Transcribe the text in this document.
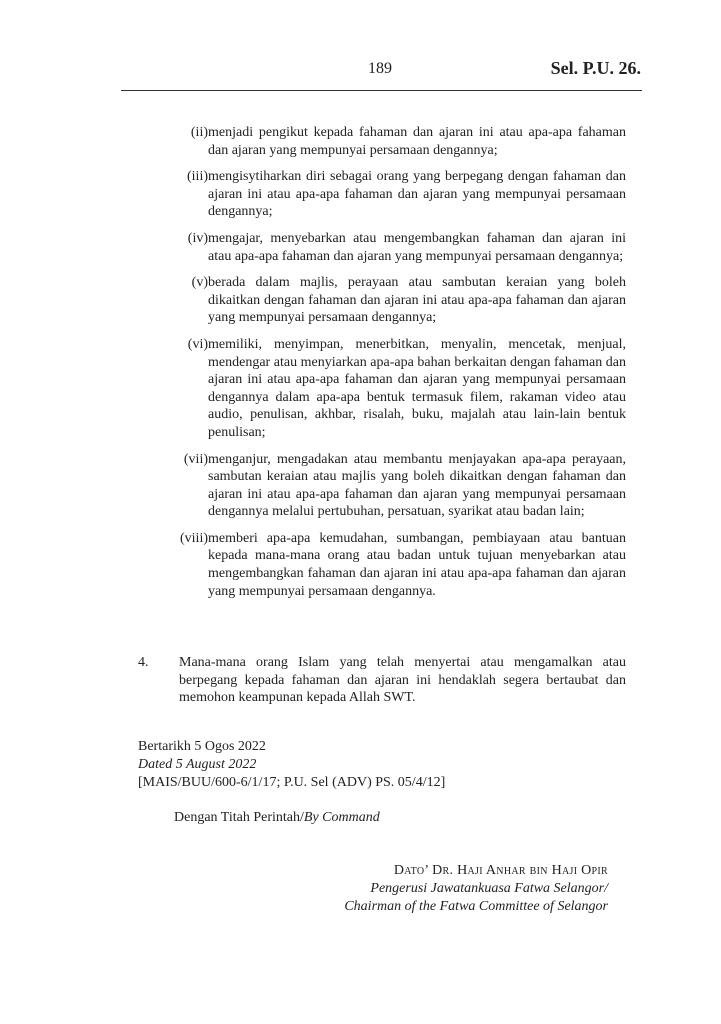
189	Sel. P.U. 26.
(ii) menjadi pengikut kepada fahaman dan ajaran ini atau apa-apa fahaman dan ajaran yang mempunyai persamaan dengannya;
(iii) mengisytiharkan diri sebagai orang yang berpegang dengan fahaman dan ajaran ini atau apa-apa fahaman dan ajaran yang mempunyai persamaan dengannya;
(iv) mengajar, menyebarkan atau mengembangkan fahaman dan ajaran ini atau apa-apa fahaman dan ajaran yang mempunyai persamaan dengannya;
(v) berada dalam majlis, perayaan atau sambutan keraian yang boleh dikaitkan dengan fahaman dan ajaran ini atau apa-apa fahaman dan ajaran yang mempunyai persamaan dengannya;
(vi) memiliki, menyimpan, menerbitkan, menyalin, mencetak, menjual, mendengar atau menyiarkan apa-apa bahan berkaitan dengan fahaman dan ajaran ini atau apa-apa fahaman dan ajaran yang mempunyai persamaan dengannya dalam apa-apa bentuk termasuk filem, rakaman video atau audio, penulisan, akhbar, risalah, buku, majalah atau lain-lain bentuk penulisan;
(vii) menganjur, mengadakan atau membantu menjayakan apa-apa perayaan, sambutan keraian atau majlis yang boleh dikaitkan dengan fahaman dan ajaran ini atau apa-apa fahaman dan ajaran yang mempunyai persamaan dengannya melalui pertubuhan, persatuan, syarikat atau badan lain;
(viii) memberi apa-apa kemudahan, sumbangan, pembiayaan atau bantuan kepada mana-mana orang atau badan untuk tujuan menyebarkan atau mengembangkan fahaman dan ajaran ini atau apa-apa fahaman dan ajaran yang mempunyai persamaan dengannya.
4.	Mana-mana orang Islam yang telah menyertai atau mengamalkan atau berpegang kepada fahaman dan ajaran ini hendaklah segera bertaubat dan memohon keampunan kepada Allah SWT.
Bertarikh 5 Ogos 2022
Dated 5 August 2022
[MAIS/BUU/600-6/1/17; P.U. Sel (ADV) PS. 05/4/12]
Dengan Titah Perintah/By Command
Dato’ Dr. Haji Anhar bin Haji Opir
Pengerusi Jawatankuasa Fatwa Selangor/
Chairman of the Fatwa Committee of Selangor
